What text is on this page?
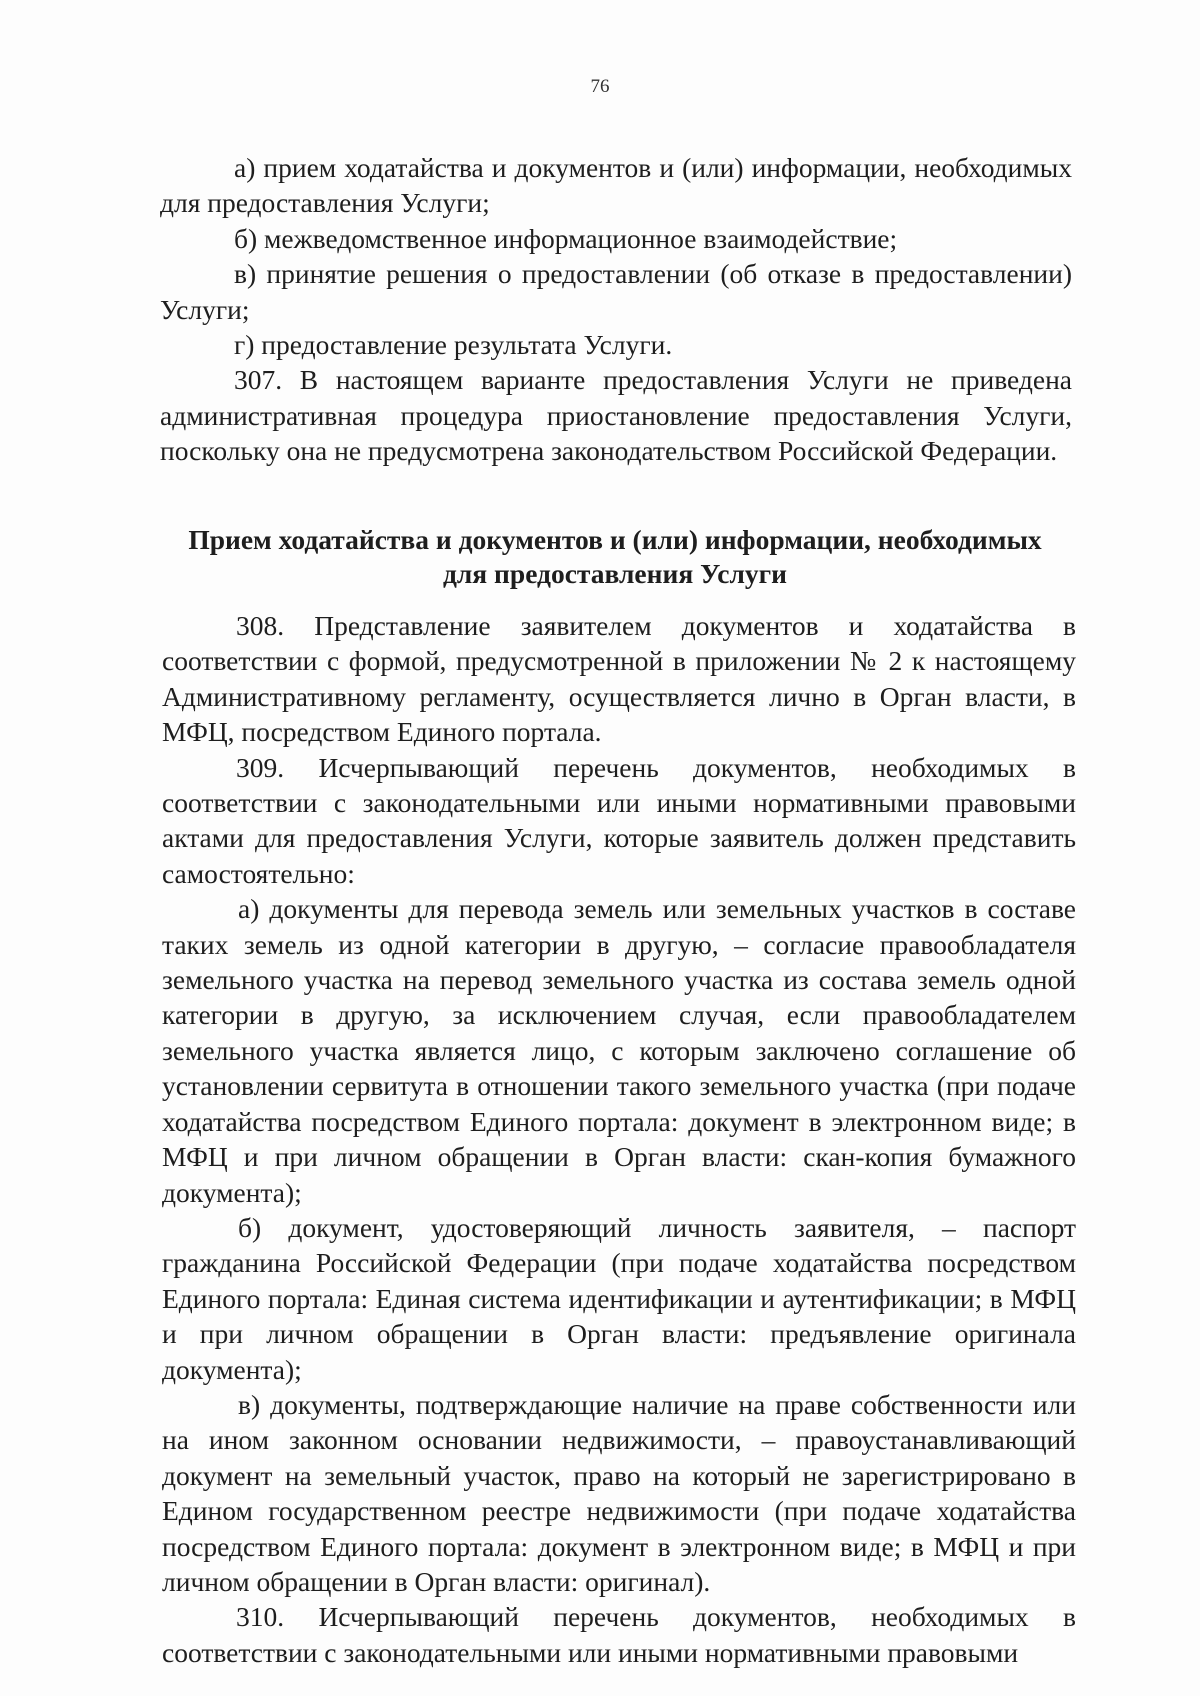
76

а) прием ходатайства и документов и (или) информации, необходимых для предоставления Услуги;

б) межведомственное информационное взаимодействие;

в) принятие решения о предоставлении (об отказе в предоставлении) Услуги;

г) предоставление результата Услуги.

307. В настоящем варианте предоставления Услуги не приведена административная процедура приостановление предоставления Услуги, поскольку она не предусмотрена законодательством Российской Федерации.

Прием ходатайства и документов и (или) информации, необходимых
для предоставления Услуги

308. Представление заявителем документов и ходатайства в соответствии с формой, предусмотренной в приложении № 2 к настоящему Административному регламенту, осуществляется лично в Орган власти, в МФЦ, посредством Единого портала.

309. Исчерпывающий перечень документов, необходимых в соответствии с законодательными или иными нормативными правовыми актами для предоставления Услуги, которые заявитель должен представить самостоятельно:

а) документы для перевода земель или земельных участков в составе таких земель из одной категории в другую, – согласие правообладателя земельного участка на перевод земельного участка из состава земель одной категории в другую, за исключением случая, если правообладателем земельного участка является лицо, с которым заключено соглашение об установлении сервитута в отношении такого земельного участка (при подаче ходатайства посредством Единого портала: документ в электронном виде; в МФЦ и при личном обращении в Орган власти: скан-копия бумажного документа);

б) документ, удостоверяющий личность заявителя, – паспорт гражданина Российской Федерации (при подаче ходатайства посредством Единого портала: Единая система идентификации и аутентификации; в МФЦ и при личном обращении в Орган власти: предъявление оригинала документа);

в) документы, подтверждающие наличие на праве собственности или на ином законном основании недвижимости, – правоустанавливающий документ на земельный участок, право на который не зарегистрировано в Едином государственном реестре недвижимости (при подаче ходатайства посредством Единого портала: документ в электронном виде; в МФЦ и при личном обращении в Орган власти: оригинал).

310. Исчерпывающий перечень документов, необходимых в соответствии с законодательными или иными нормативными правовыми
